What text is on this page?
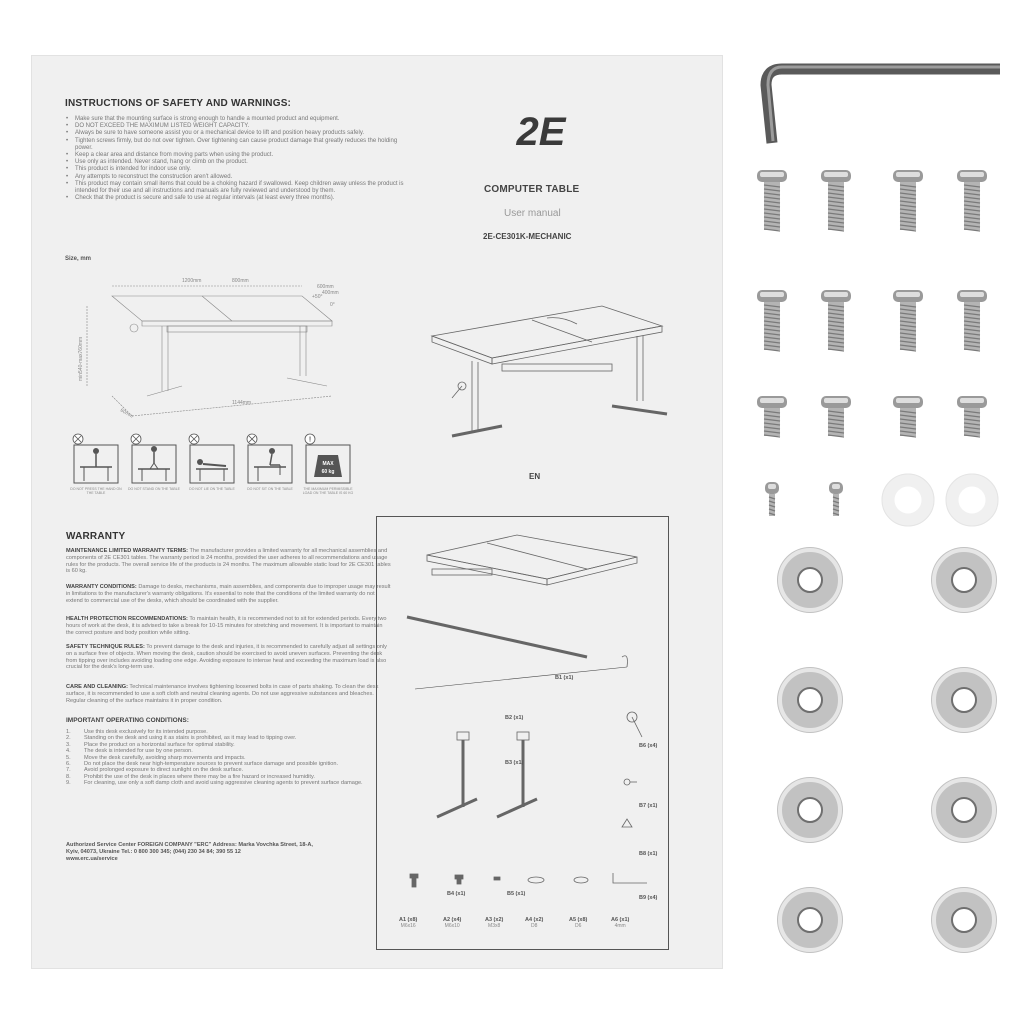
INSTRUCTIONS OF SAFETY AND WARNINGS:
• Make sure that the mounting surface is strong enough to handle a mounted product and equipment.
• DO NOT EXCEED THE MAXIMUM LISTED WEIGHT CAPACITY.
• Always be sure to have someone assist you or a mechanical device to lift and position heavy products safely.
• Tighten screws firmly, but do not over tighten. Over tightening can cause product damage that greatly reduces the holding power.
• Keep a clear area and distance from moving parts when using the product.
• Use only as intended. Never stand, hang or climb on the product.
• This product is intended for indoor use only.
• Any attempts to reconstruct the construction aren't allowed.
• This product may contain small items that could be a choking hazard if swallowed. Keep children away unless the product is intended for their use and all instructions and manuals are fully reviewed and understood by them.
• Check that the product is secure and safe to use at regular intervals (at least every three months).
Size, mm
1200mm	800mm
600mm
+50°
0°
400mm
min540-max760mm
1144mm
60mm
DO NOT PRESS THE HAND ON THE TABLE
DO NOT STAND ON THE TABLE	DO NOT LIE ON THE TABLE	DO NOT SIT ON THE TABLE
!
MAX
60 kg
THE MAXIMUM PERMISSIBLE LOAD ON THE TABLE IS 60 KG
2E
COMPUTER TABLE
User manual
2E-CE301K-MECHANIC
EN
WARRANTY
MAINTENANCE LIMITED WARRANTY TERMS: The manufacturer provides a limited warranty for all mechanical assemblies and components of 2E CE301 tables. The warranty period is 24 months, provided the user adheres to all recommendations and usage rules for the products. The overall service life of the products is 24 months. The maximum allowable static load for 2E CE301 tables is 60 kg.
WARRANTY CONDITIONS: Damage to desks, mechanisms, main assemblies, and components due to improper usage may result in limitations to the manufacturer's warranty obligations. It's essential to note that the conditions of the limited warranty do not extend to commercial use of the desks, which should be coordinated with the supplier.
HEALTH PROTECTION RECOMMENDATIONS: To maintain health, it is recommended not to sit for extended periods. Every two hours of work at the desk, it is advised to take a break for 10-15 minutes for stretching and movement. It is important to maintain the correct posture and body position while sitting.
SAFETY TECHNIQUE RULES: To prevent damage to the desk and injuries, it is recommended to carefully adjust all settings only on a surface free of objects. When moving the desk, caution should be exercised to avoid uneven surfaces. Preventing the desk from tipping over includes avoiding loading one edge. Avoiding exposure to intense heat and exceeding the maximum load is also crucial for the desk's long-term use.
CARE AND CLEANING: Technical maintenance involves tightening loosened bolts in case of parts shaking. To clean the desk surface, it is recommended to use a soft cloth and neutral cleaning agents. Do not use aggressive substances and bleaches. Regular cleaning of the surface maintains it in proper condition.
IMPORTANT OPERATING CONDITIONS:
1. Use this desk exclusively for its intended purpose.
2. Standing on the desk and using it as stairs is prohibited, as it may lead to tipping over.
3. Place the product on a horizontal surface for optimal stability.
4. The desk is intended for use by one person.
5. Move the desk carefully, avoiding sharp movements and impacts.
6. Do not place the desk near high-temperature sources to prevent surface damage and possible ignition.
7. Avoid prolonged exposure to direct sunlight on the desk surface.
8. Prohibit the use of the desk in places where there may be a fire hazard or increased humidity.
9. For cleaning, use only a soft damp cloth and avoid using aggressive cleaning agents to prevent surface damage.
Authorized Service Center FOREIGN COMPANY "ERC" Address: Marka Vovchka Street, 18-A,
Kyiv, 04073, Ukraine Tel.: 0 800 300 345; (044) 230 34 84; 390 55 12
www.erc.ua/service
B1 (x1)
B2 (x1)
B3 (x1)
B4 (x1)	B5 (x1)
B6 (x4)
B7 (x1)
B8 (x1)
B9 (x4)
A1 (x8)
M6x16
A2 (x4)
M6x10
A3 (x2)
M3x8
A4 (x2)
D8
A5 (x8)
D6
A6 (x1)
4mm
